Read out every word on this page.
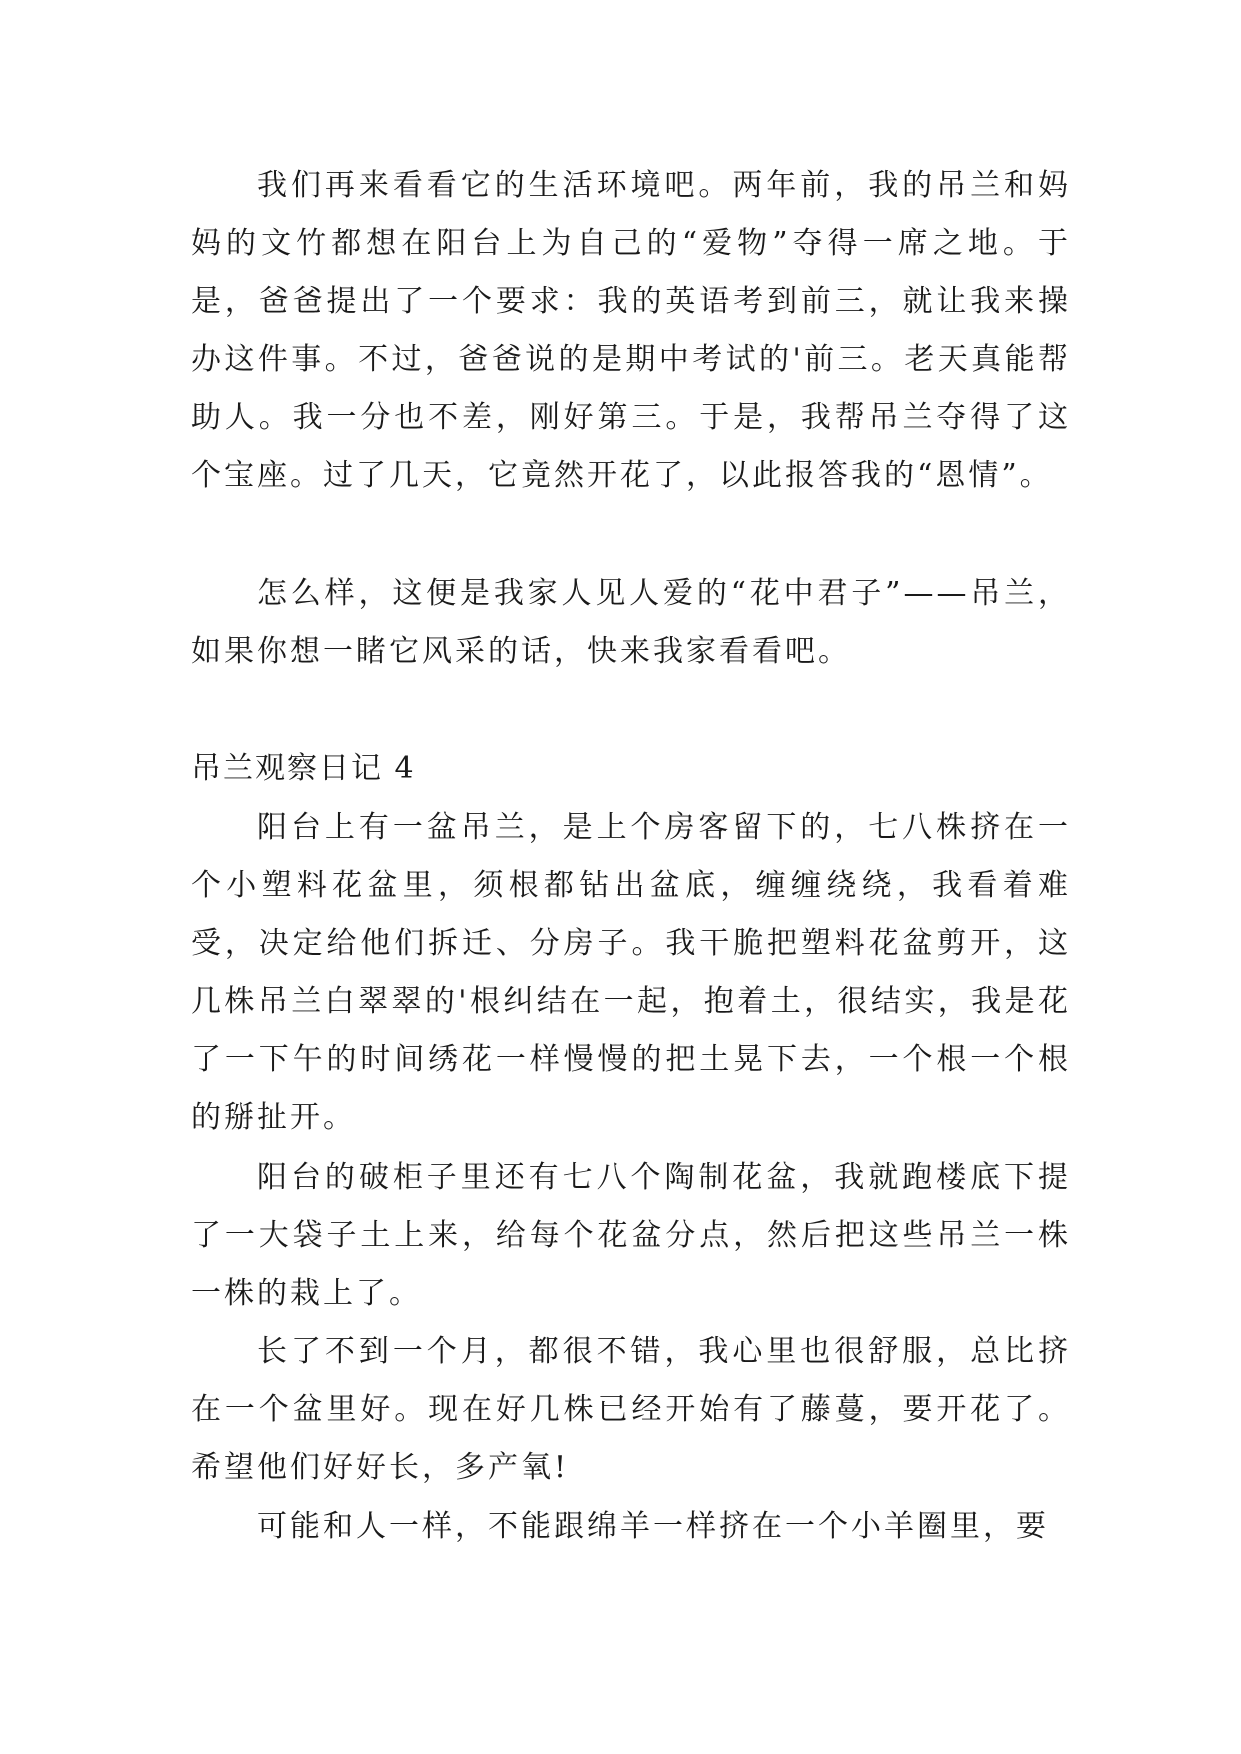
我们再来看看它的生活环境吧。两年前，我的吊兰和妈妈的文竹都想在阳台上为自己的“爱物”夺得一席之地。于是，爸爸提出了一个要求：我的英语考到前三，就让我来操办这件事。不过，爸爸说的是期中考试的'前三。老天真能帮助人。我一分也不差，刚好第三。于是，我帮吊兰夺得了这个宝座。过了几天，它竟然开花了，以此报答我的“恩情”。

怎么样，这便是我家人见人爱的“花中君子”——吊兰，如果你想一睹它风采的话，快来我家看看吧。

吊兰观察日记 4

阳台上有一盆吊兰，是上个房客留下的，七八株挤在一个小塑料花盆里，须根都钻出盆底，缠缠绕绕，我看着难受，决定给他们拆迁、分房子。我干脆把塑料花盆剪开，这几株吊兰白翠翠的'根纠结在一起，抱着土，很结实，我是花了一下午的时间绣花一样慢慢的把土晃下去，一个根一个根的掰扯开。

阳台的破柜子里还有七八个陶制花盆，我就跑楼底下提了一大袋子土上来，给每个花盆分点，然后把这些吊兰一株一株的栽上了。

长了不到一个月，都很不错，我心里也很舒服，总比挤在一个盆里好。现在好几株已经开始有了藤蔓，要开花了。希望他们好好长，多产氧!

可能和人一样，不能跟绵羊一样挤在一个小羊圈里，要
